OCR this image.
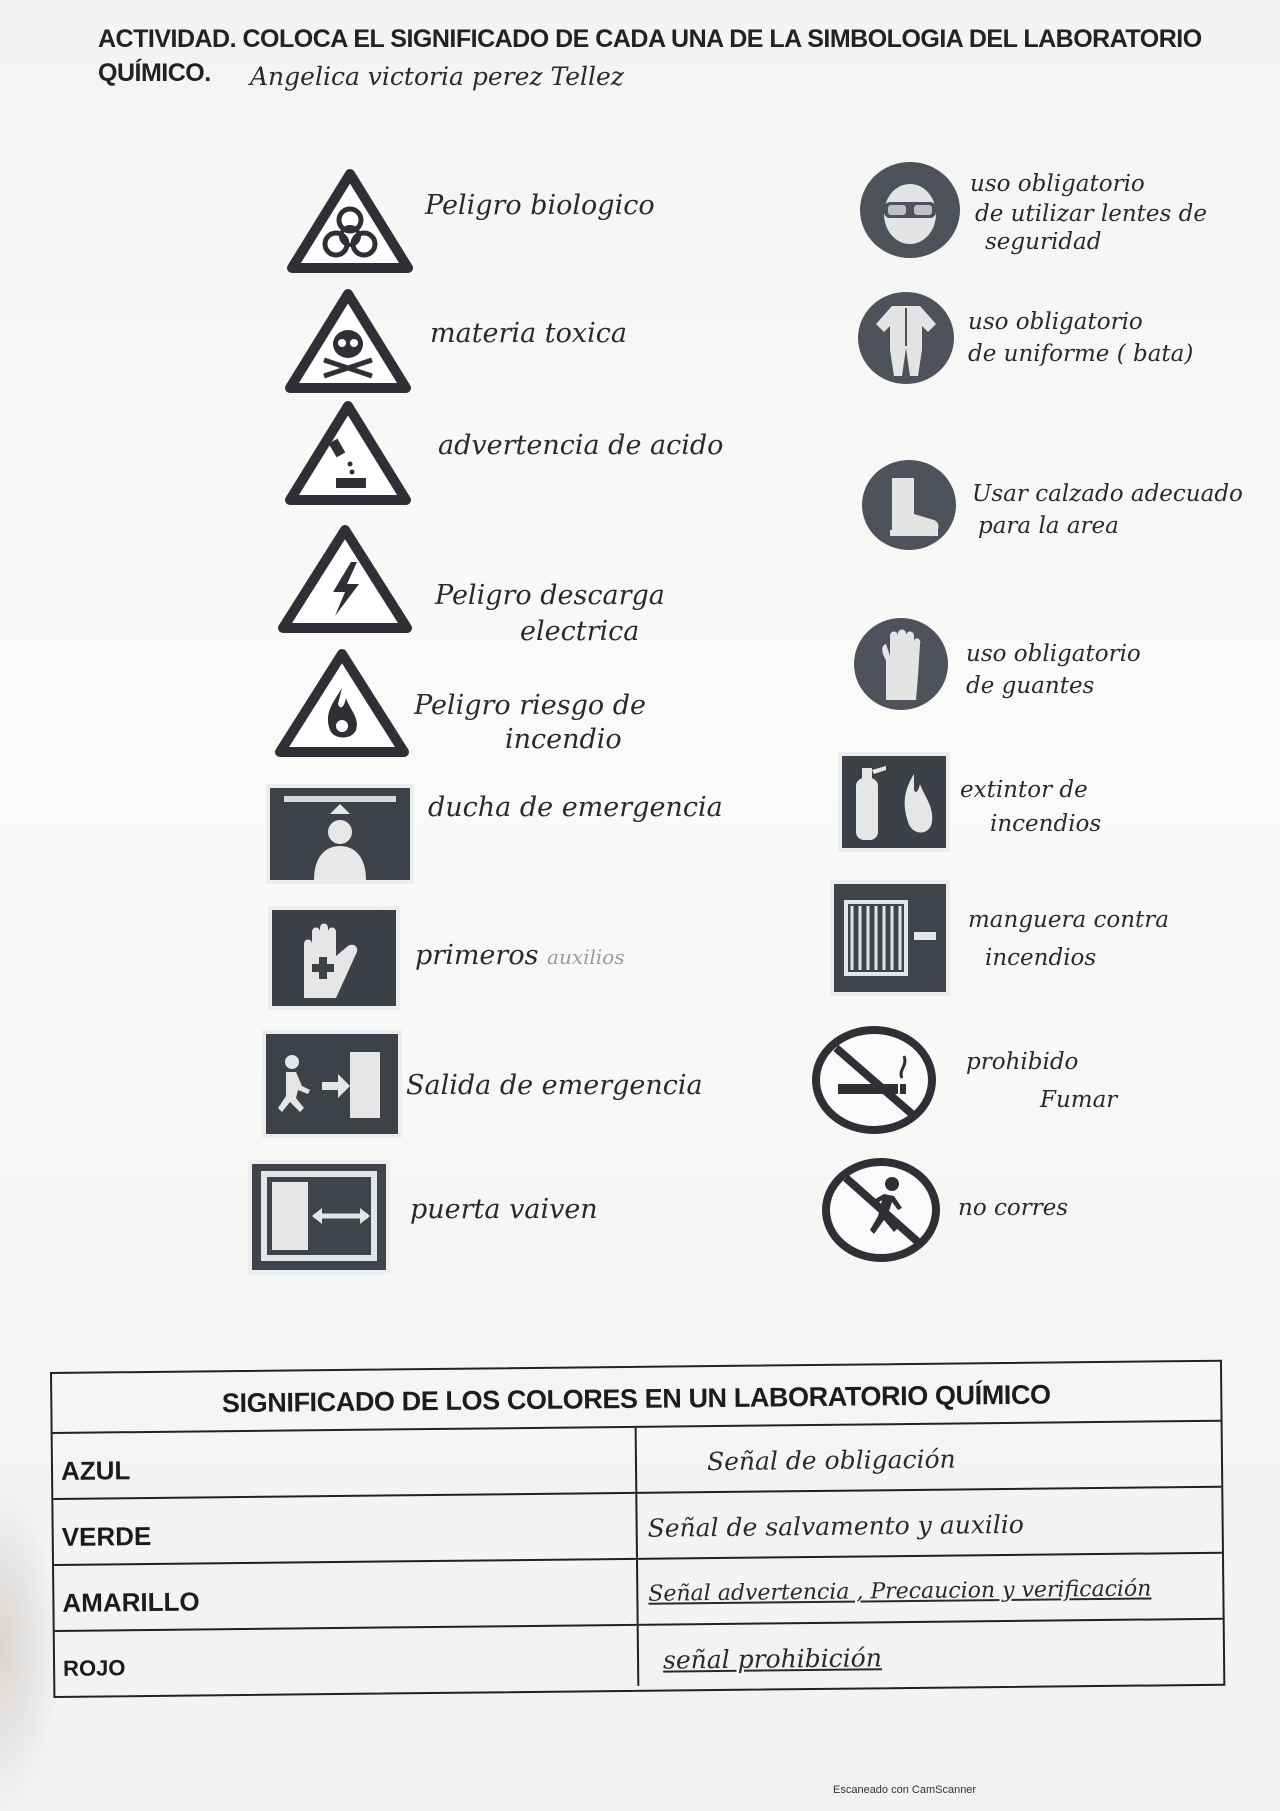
ACTIVIDAD. COLOCA EL SIGNIFICADO DE CADA UNA DE LA SIMBOLOGIA DEL LABORATORIO
QUÍMICO.	Angelica victoria perez Tellez
Peligro biologico
materia toxica
advertencia de acido
Peligro descarga
electrica
Peligro riesgo de
incendio
ducha de emergencia
primeros auxilios
Salida de emergencia
puerta vaiven
uso obligatorio
de utilizar lentes de
seguridad
uso obligatorio
de uniforme ( bata)
Usar calzado adecuado
para la area
uso obligatorio
de guantes
extintor de
incendios
manguera contra
incendios
prohibido
Fumar
no corres
SIGNIFICADO DE LOS COLORES EN UN LABORATORIO QUÍMICO
AZUL	Señal de obligación
VERDE	Señal de salvamento y auxilio
AMARILLO	Señal advertencia , Precaucion y verificación
ROJO	señal prohibición
Escaneado con CamScanner
